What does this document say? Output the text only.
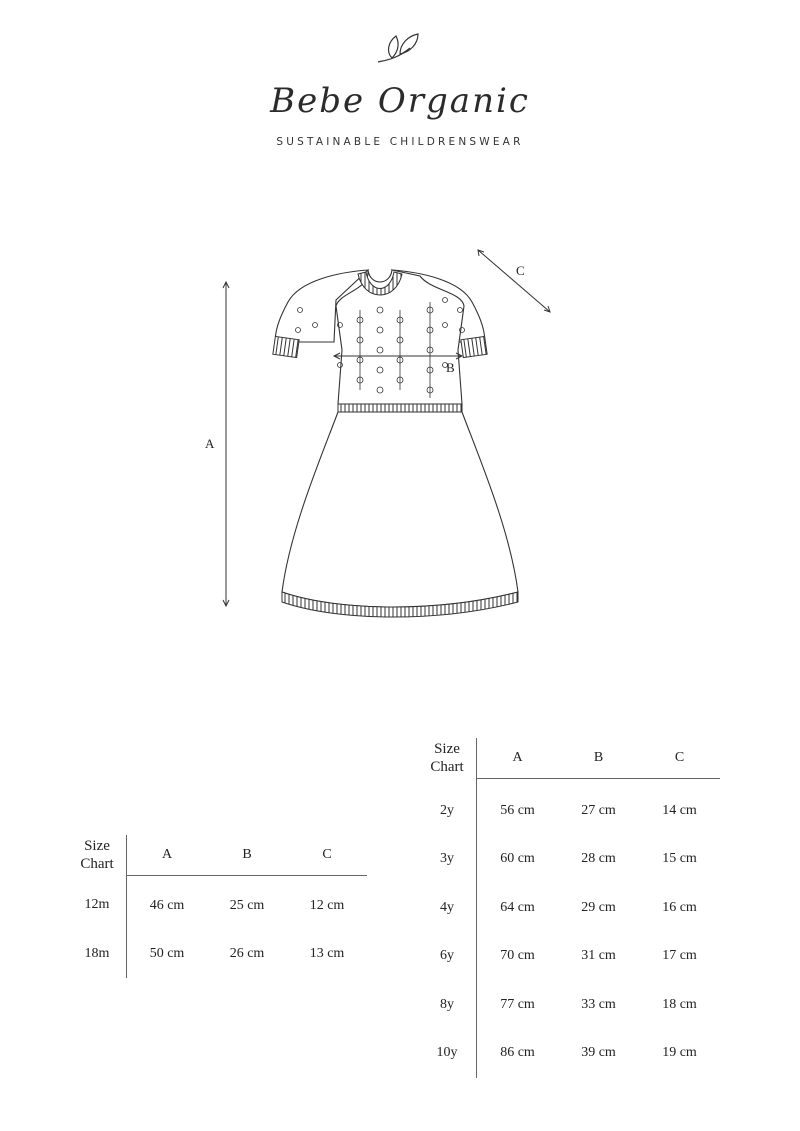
Bebe Organic
SUSTAINABLE CHILDRENSWEAR
A
B
C
Size
Chart	A	B	C
12m	46 cm	25 cm	12 cm
18m	50 cm	26 cm	13 cm
Size
Chart	A	B	C
2y	56 cm	27 cm	14 cm
3y	60 cm	28 cm	15 cm
4y	64 cm	29 cm	16 cm
6y	70 cm	31 cm	17 cm
8y	77 cm	33 cm	18 cm
10y	86 cm	39 cm	19 cm
